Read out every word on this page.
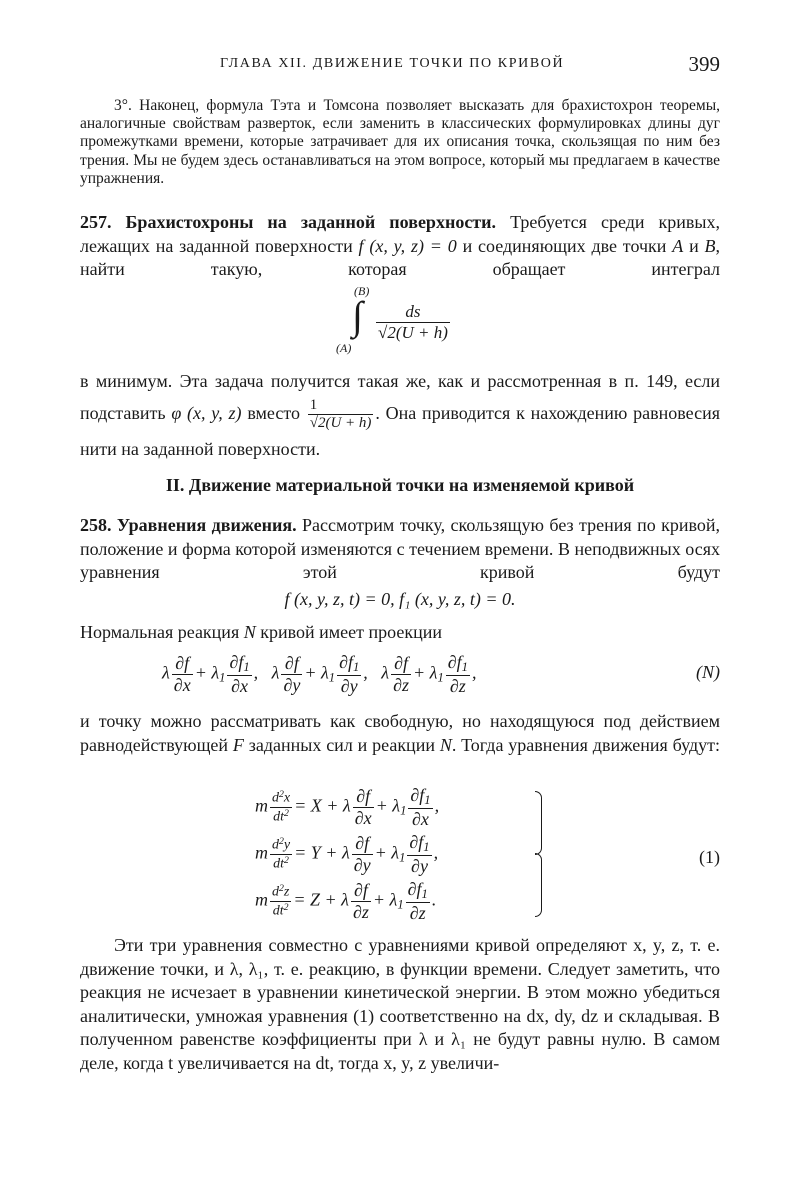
ГЛАВА XII. ДВИЖЕНИЕ ТОЧКИ ПО КРИВОЙ	399
3°. Наконец, формула Тэта и Томсона позволяет высказать для брахистохрон теоремы, аналогичные свойствам разверток, если заменить в классических формулировках длины дуг промежутками времени, которые затрачивает для их описания точка, скользящая по ним без трения. Мы не будем здесь останавливаться на этом вопросе, который мы предлагаем в качестве упражнения.
257. Брахистохроны на заданной поверхности. Требуется среди кривых, лежащих на заданной поверхности f (x, y, z) = 0 и соединяющих две точки A и B, найти такую, которая обращает интеграл
(B)
∫
(A)
$\frac{ds}{√2(U + h)}$
в минимум. Эта задача получится такая же, как и рассмотренная в п. 149, если подставить φ (x, y, z) вместо $\frac{1}{√2(U + h)}$ . Она приводится к нахождению равновесия нити на заданной поверхности.
II. Движение материальной точки на изменяемой кривой
258. Уравнения движения. Рассмотрим точку, скользящую без трения по кривой, положение и форма которой изменяются с течением времени. В неподвижных осях уравнения этой кривой будут
f (x, y, z, t) = 0, f₁ (x, y, z, t) = 0.
Нормальная реакция N кривой имеет проекции
λ $\frac{\partial f}{\partial x} + \lambda_1 \frac{\partial f_1}{\partial x}$ ,   λ $\frac{\partial f}{\partial y} + \lambda_1 \frac{\partial f_1}{\partial y}$ ,   λ $\frac{\partial f}{\partial z} + \lambda_1 \frac{\partial f_1}{\partial z}$ ,	(N)
и точку можно рассматривать как свободную, но находящуюся под действием равнодействующей F заданных сил и реакции N. Тогда уравнения движения будут:
m $\frac{d^2x}{dt^2} = X + \lambda \frac{\partial f}{\partial x} + \lambda_1 \frac{\partial f_1}{\partial x}$ ,
m $\frac{d^2y}{dt^2} = Y + \lambda \frac{\partial f}{\partial y} + \lambda_1 \frac{\partial f_1}{\partial y}$ ,
m $\frac{d^2z}{dt^2} = Z + \lambda \frac{\partial f}{\partial z} + \lambda_1 \frac{\partial f_1}{\partial z}$ .
(1)
Эти три уравнения совместно с уравнениями кривой определяют x, y, z, т. е. движение точки, и λ, λ₁, т. е. реакцию, в функции времени. Следует заметить, что реакция не исчезает в уравнении кинетической энергии. В этом можно убедиться аналитически, умножая уравнения (1) соответственно на dx, dy, dz и складывая. В полученном равенстве коэффициенты при λ и λ₁ не будут равны нулю. В самом деле, когда t увеличивается на dt, тогда x, y, z увеличи-
